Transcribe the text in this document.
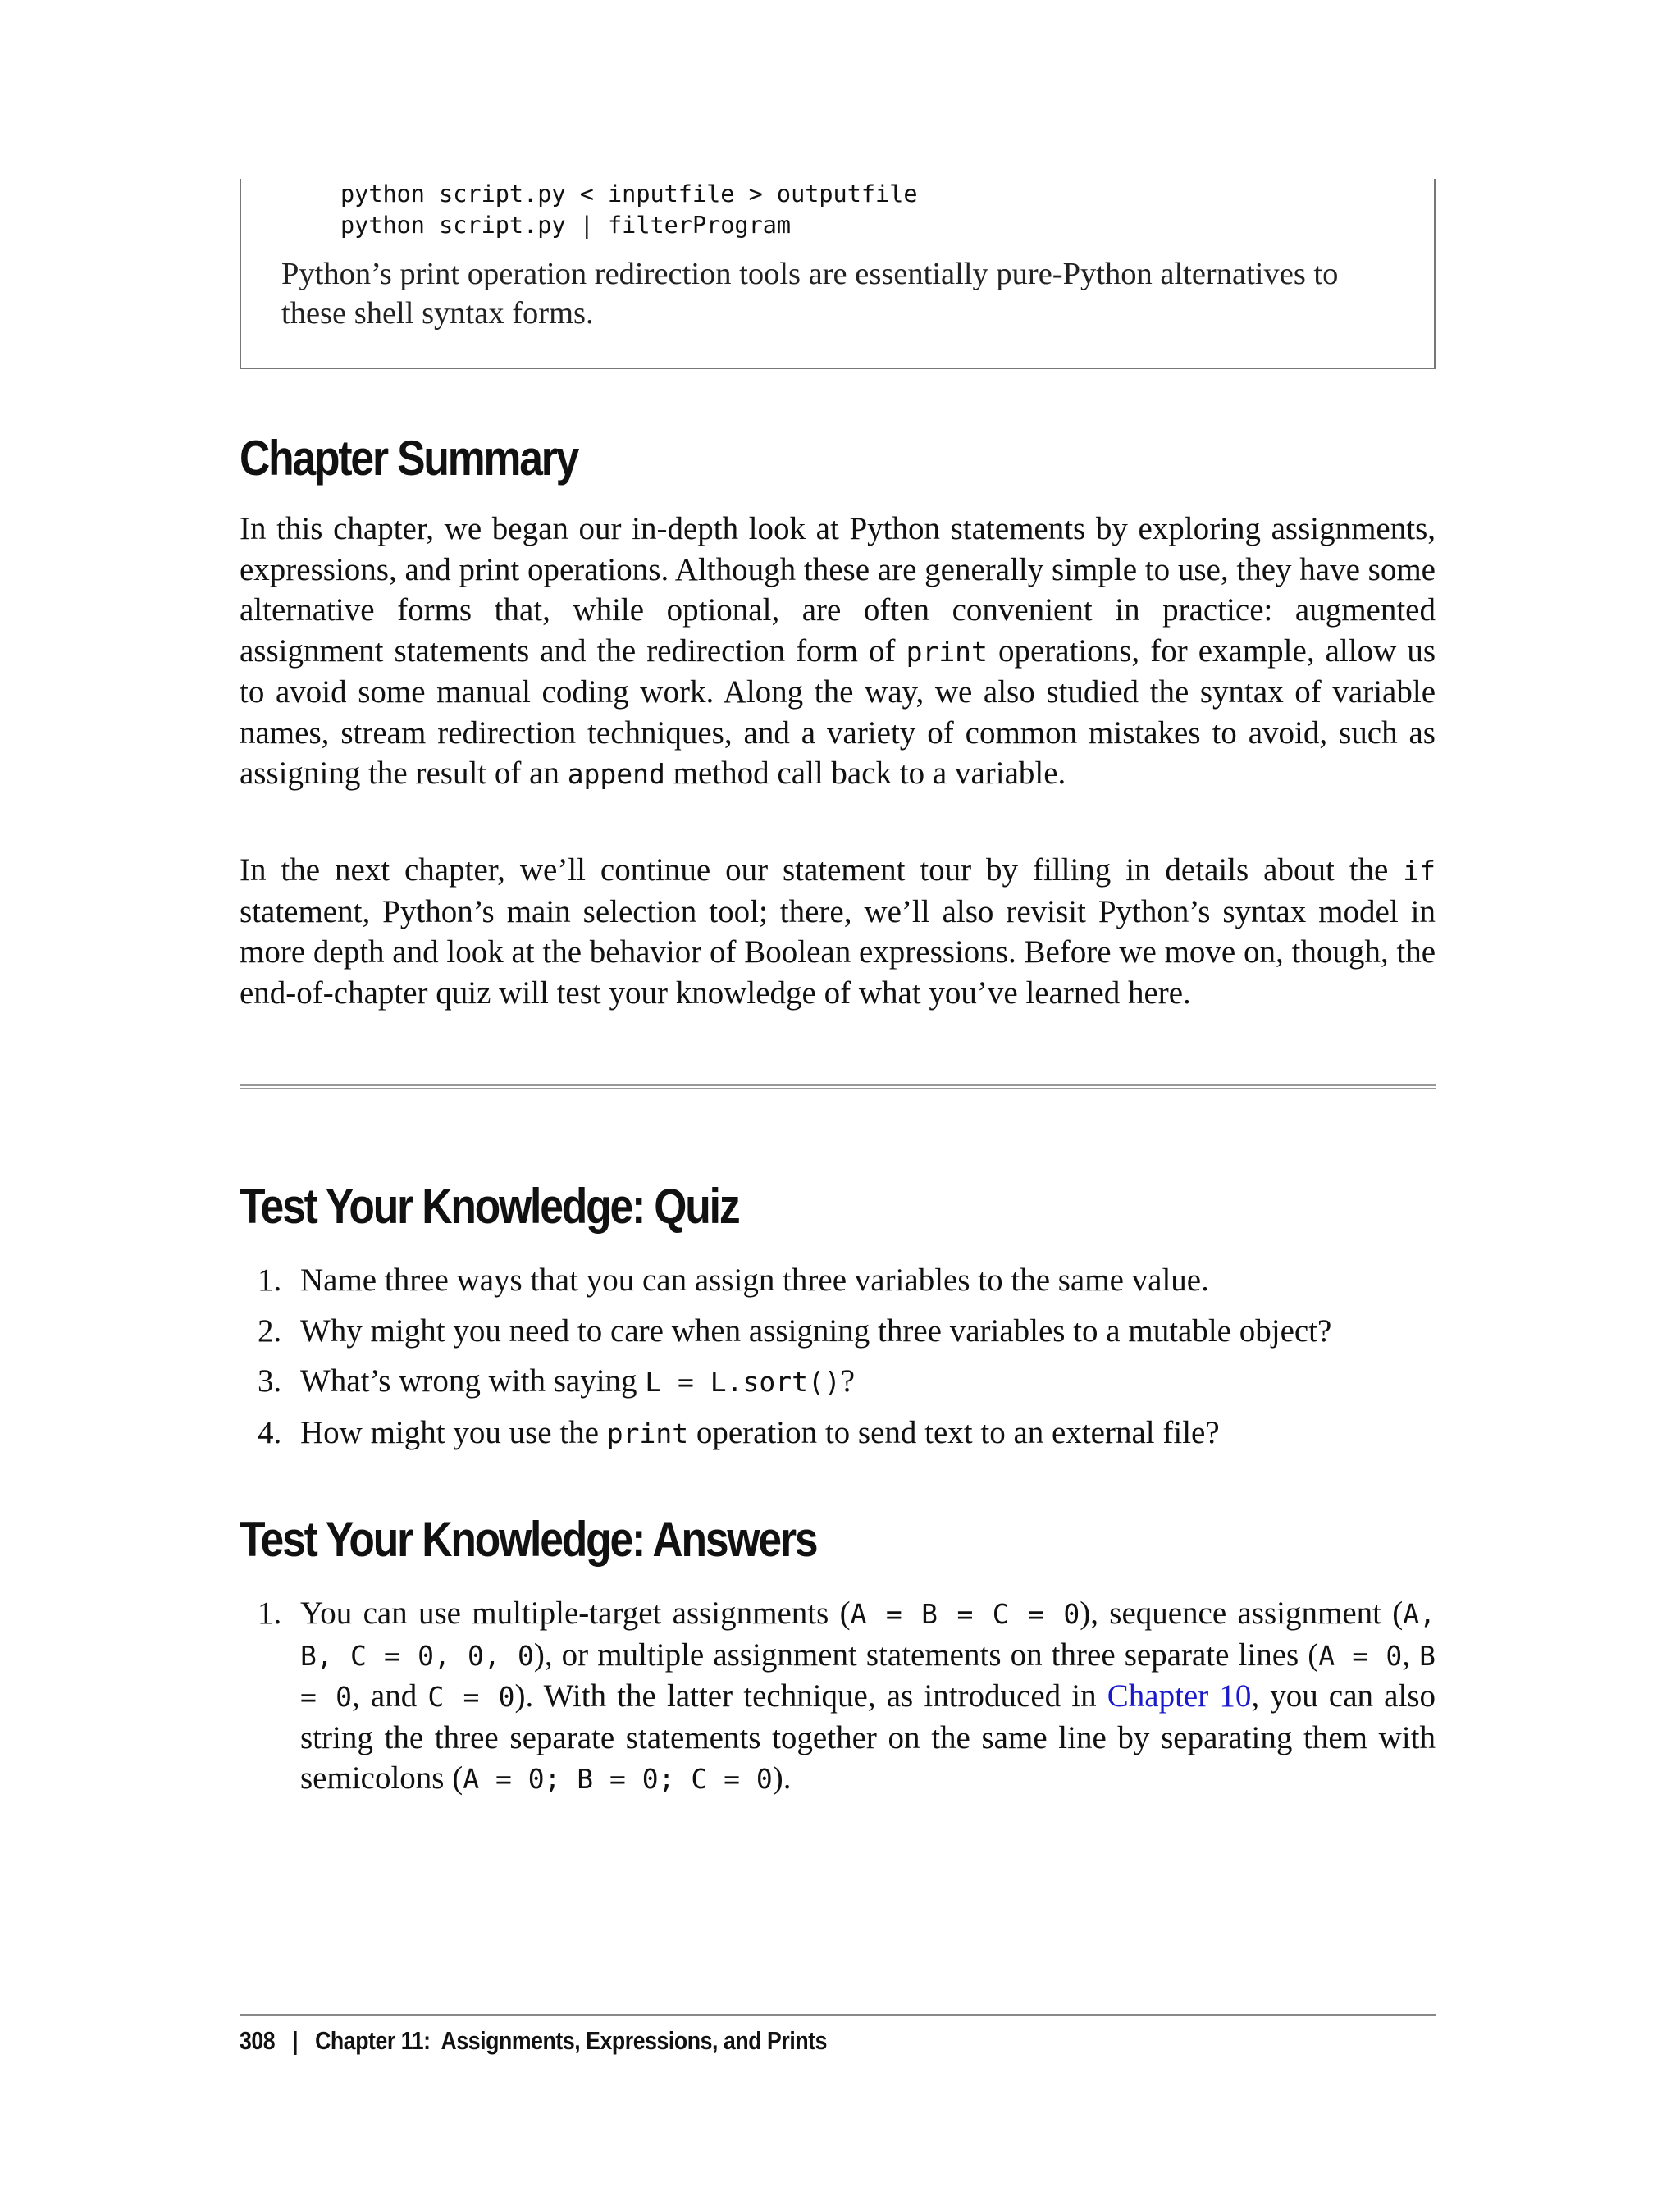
python script.py < inputfile > outputfile
python script.py | filterProgram

Python’s print operation redirection tools are essentially pure-Python alternatives to these shell syntax forms.

Chapter Summary

In this chapter, we began our in-depth look at Python statements by exploring assignments, expressions, and print operations. Although these are generally simple to use, they have some alternative forms that, while optional, are often convenient in practice: augmented assignment statements and the redirection form of print operations, for example, allow us to avoid some manual coding work. Along the way, we also studied the syntax of variable names, stream redirection techniques, and a variety of common mistakes to avoid, such as assigning the result of an append method call back to a variable.

In the next chapter, we’ll continue our statement tour by filling in details about the if statement, Python’s main selection tool; there, we’ll also revisit Python’s syntax model in more depth and look at the behavior of Boolean expressions. Before we move on, though, the end-of-chapter quiz will test your knowledge of what you’ve learned here.

Test Your Knowledge: Quiz
1. Name three ways that you can assign three variables to the same value.
2. Why might you need to care when assigning three variables to a mutable object?
3. What’s wrong with saying L = L.sort()?
4. How might you use the print operation to send text to an external file?
Test Your Knowledge: Answers
1. You can use multiple-target assignments (A = B = C = 0), sequence assignment (A, B, C = 0, 0, 0), or multiple assignment statements on three separate lines (A = 0, B = 0, and C = 0). With the latter technique, as introduced in Chapter 10, you can also string the three separate statements together on the same line by separating them with semicolons (A = 0; B = 0; C = 0).
308 | Chapter 11:  Assignments, Expressions, and Prints
